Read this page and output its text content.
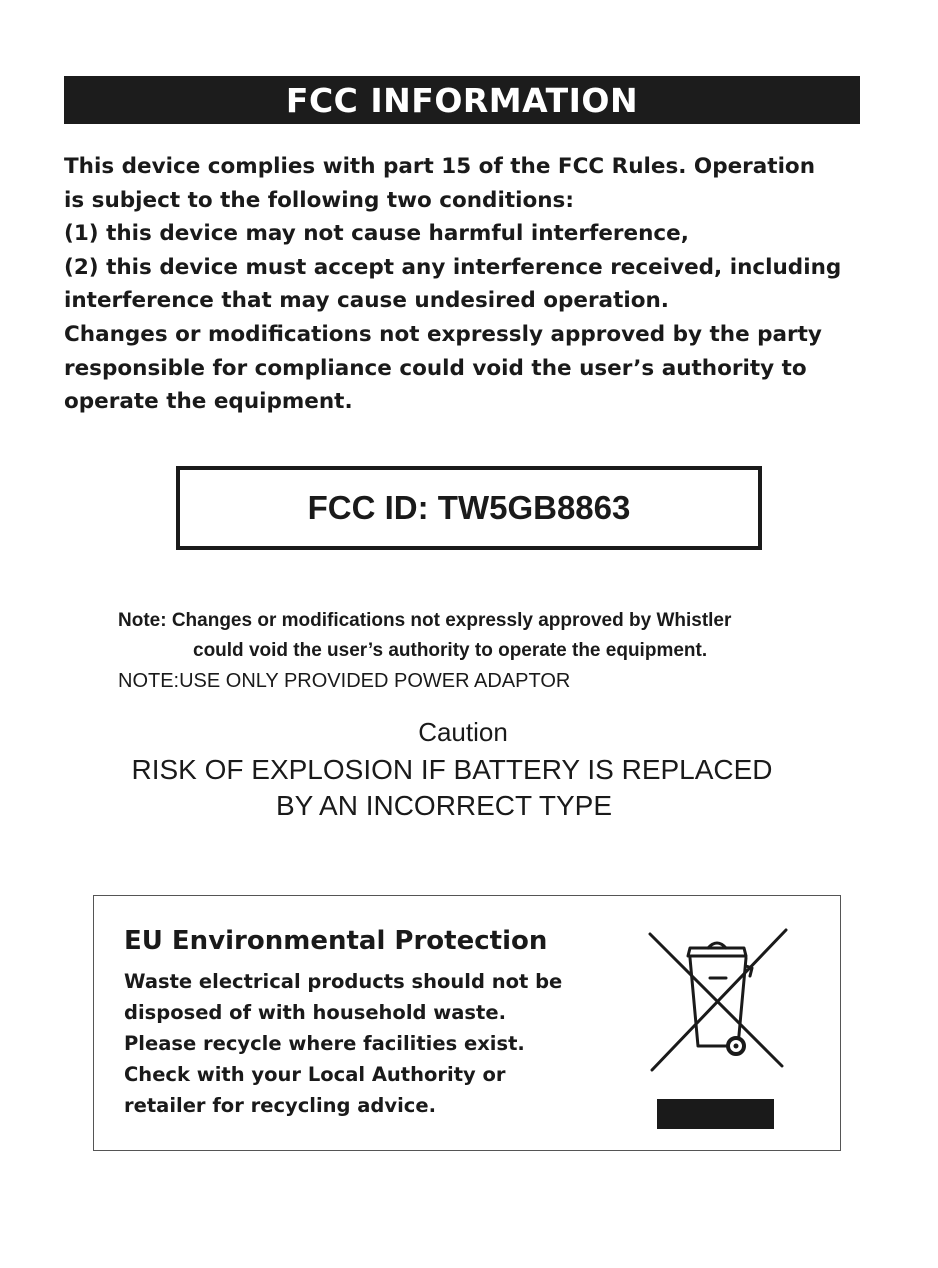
FCC INFORMATION
This device complies with part 15 of the FCC Rules. Operation
is subject to the following two conditions:
(1) this device may not cause harmful interference,
(2) this device must accept any interference received, including
interference that may cause undesired operation.
Changes or modifications not expressly approved by the party
responsible for compliance could void the user’s authority to
operate the equipment.
FCC ID: TW5GB8863
Note: Changes or modifications not expressly approved by Whistler
could void the user’s authority to operate the equipment.
NOTE:USE ONLY PROVIDED POWER ADAPTOR
Caution
RISK OF EXPLOSION IF BATTERY IS REPLACED
BY AN INCORRECT TYPE
EU Environmental Protection
Waste electrical products should not be
disposed of with household waste.
Please recycle where facilities exist.
Check with your Local Authority or
retailer for recycling advice.
